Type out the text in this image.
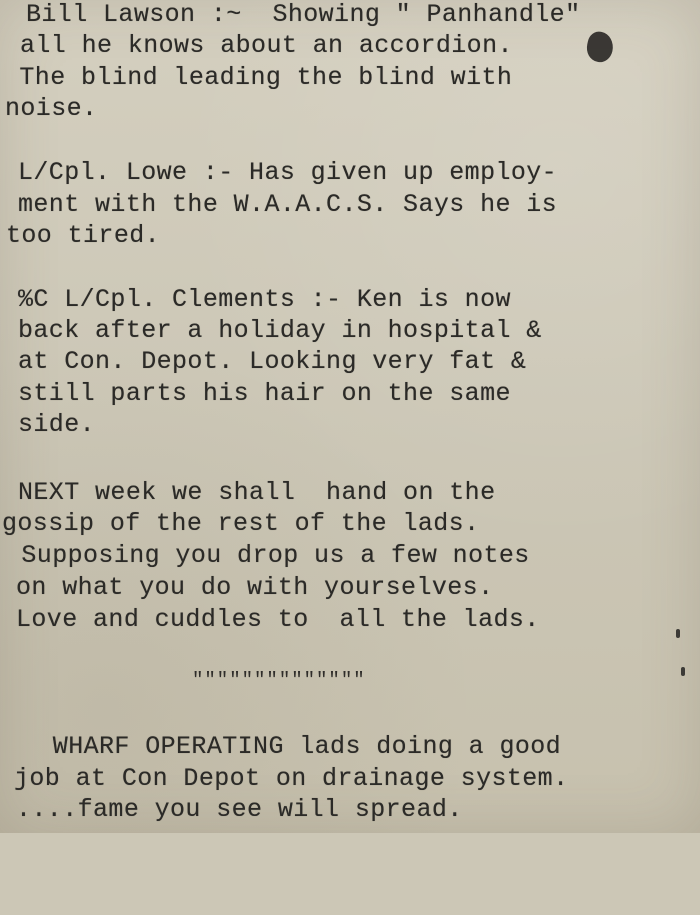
Bill Lawson :~  Showing " Panhandle"

all he knows about an accordion.

The blind leading the blind with

noise.

L/Cpl. Lowe :- Has given up employ-

ment with the W.A.A.C.S. Says he is

too tired.

%C L/Cpl. Clements :- Ken is now

back after a holiday in hospital &

at Con. Depot. Looking very fat &

still parts his hair on the same

side.

NEXT week we shall  hand on the

gossip of the rest of the lads.

Supposing you drop us a few notes

on what you do with yourselves.

Love and cuddles to  all the lads.

""""""""""""""

WHARF OPERATING lads doing a good

job at Con Depot on drainage system.

....fame you see will spread.
